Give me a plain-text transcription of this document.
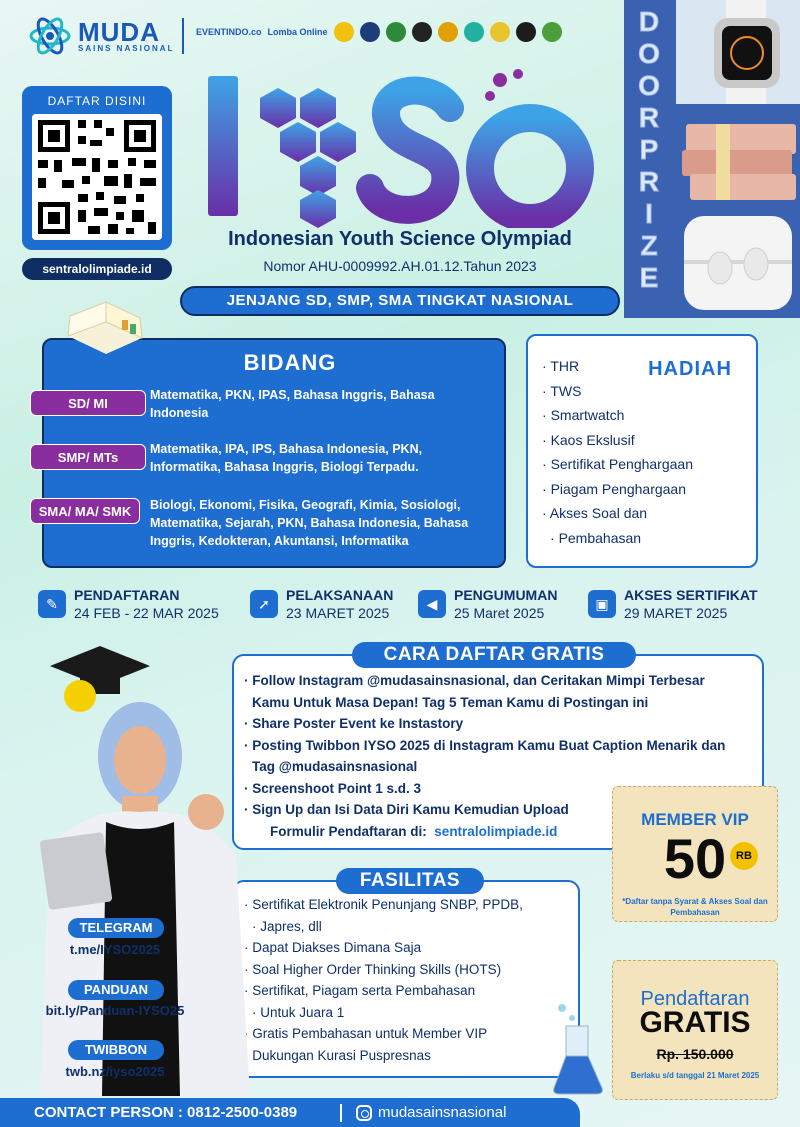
MUDA
SAINS NASIONAL
EVENTINDO.co Lomba Online
DAFTAR DISINI
sentralolimpiade.id
Indonesian Youth Science Olympiad
Nomor AHU-0009992.AH.01.12.Tahun 2023
JENJANG SD, SMP, SMA TINGKAT NASIONAL
D
O
O
R
P
R
I
Z
E
BIDANG
SD/ MI
Matematika, PKN, IPAS, Bahasa Inggris, Bahasa Indonesia
SMP/ MTs
Matematika, IPA, IPS, Bahasa Indonesia, PKN, Informatika, Bahasa Inggris, Biologi Terpadu.
SMA/ MA/ SMK	Biologi, Ekonomi, Fisika, Geografi, Kimia, Sosiologi, Matematika, Sejarah, PKN, Bahasa Indonesia, Bahasa Inggris, Kedokteran, Akuntansi, Informatika
HADIAH
· THR
· TWS
· Smartwatch
· Kaos Ekslusif
· Sertifikat Penghargaan
· Piagam Penghargaan
· Akses Soal dan
· Pembahasan
✎
PENDAFTARAN
24 FEB - 22 MAR 2025
➚
PELAKSANAAN
23 MARET 2025
◀
PENGUMUMAN
25 Maret 2025
▣
AKSES SERTIFIKAT
29 MARET 2025
CARA DAFTAR GRATIS
· Follow Instagram @mudasainsnasional, dan Ceritakan Mimpi Terbesar
Kamu Untuk Masa Depan! Tag 5 Teman Kamu di Postingan ini
· Share Poster Event ke Instastory
· Posting Twibbon IYSO 2025 di Instagram Kamu Buat Caption Menarik dan
Tag @mudasainsnasional
· Screenshoot Point 1 s.d. 3
· Sign Up dan Isi Data Diri Kamu Kemudian Upload
Formulir Pendaftaran di: sentralolimpiade.id
FASILITAS
· Sertifikat Elektronik Penunjang SNBP, PPDB,
· Japres, dll
· Dapat Diakses Dimana Saja
· Soal Higher Order Thinking Skills (HOTS)
· Sertifikat, Piagam serta Pembahasan
· Untuk Juara 1
· Gratis Pembahasan untuk Member VIP
· Dukungan Kurasi Puspresnas
MEMBER VIP
50 RB
*Daftar tanpa Syarat & Akses Soal dan Pembahasan
Pendaftaran
GRATIS
Rp. 150.000
Berlaku s/d tanggal 21 Maret 2025
TELEGRAM
t.me/IYSO2025
PANDUAN
bit.ly/Panduan-IYSO25
TWIBBON
twb.nz/iyso2025
CONTACT PERSON : 0812-2500-0389	mudasainsnasional
